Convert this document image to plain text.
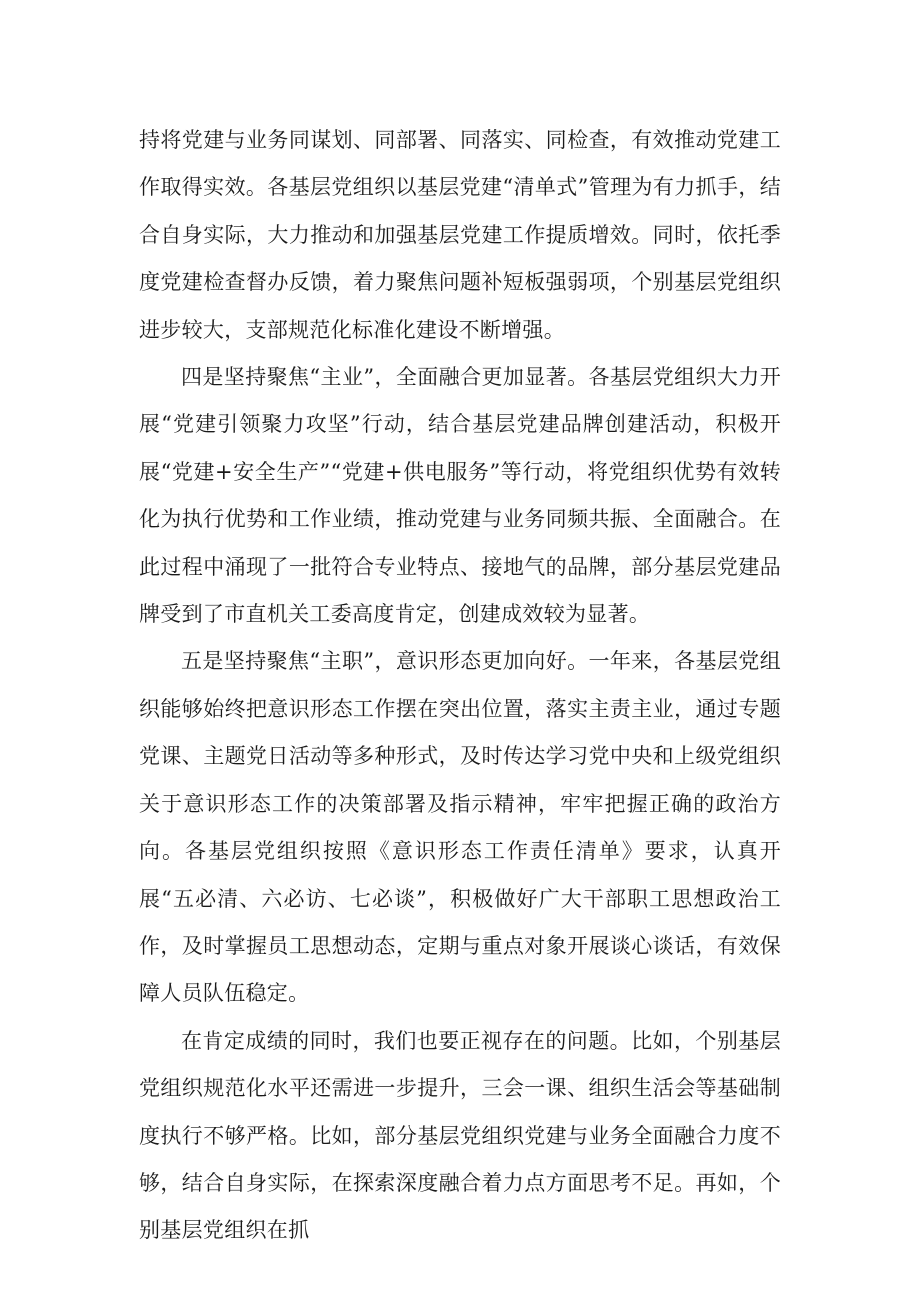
持将党建与业务同谋划、同部署、同落实、同检查，有效推动党建工作取得实效。各基层党组织以基层党建“清单式”管理为有力抓手，结合自身实际，大力推动和加强基层党建工作提质增效。同时，依托季度党建检查督办反馈，着力聚焦问题补短板强弱项，个别基层党组织进步较大，支部规范化标准化建设不断增强。

四是坚持聚焦“主业”，全面融合更加显著。各基层党组织大力开展“党建引领聚力攻坚”行动，结合基层党建品牌创建活动，积极开展“党建+安全生产”“党建+供电服务”等行动，将党组织优势有效转化为执行优势和工作业绩，推动党建与业务同频共振、全面融合。在此过程中涌现了一批符合专业特点、接地气的品牌，部分基层党建品牌受到了市直机关工委高度肯定，创建成效较为显著。

五是坚持聚焦“主职”，意识形态更加向好。一年来，各基层党组织能够始终把意识形态工作摆在突出位置，落实主责主业，通过专题党课、主题党日活动等多种形式，及时传达学习党中央和上级党组织关于意识形态工作的决策部署及指示精神，牢牢把握正确的政治方向。各基层党组织按照《意识形态工作责任清单》要求，认真开展“五必清、六必访、七必谈”，积极做好广大干部职工思想政治工作，及时掌握员工思想动态，定期与重点对象开展谈心谈话，有效保障人员队伍稳定。

在肯定成绩的同时，我们也要正视存在的问题。比如，个别基层党组织规范化水平还需进一步提升，三会一课、组织生活会等基础制度执行不够严格。比如，部分基层党组织党建与业务全面融合力度不够，结合自身实际，在探索深度融合着力点方面思考不足。再如，个别基层党组织在抓
